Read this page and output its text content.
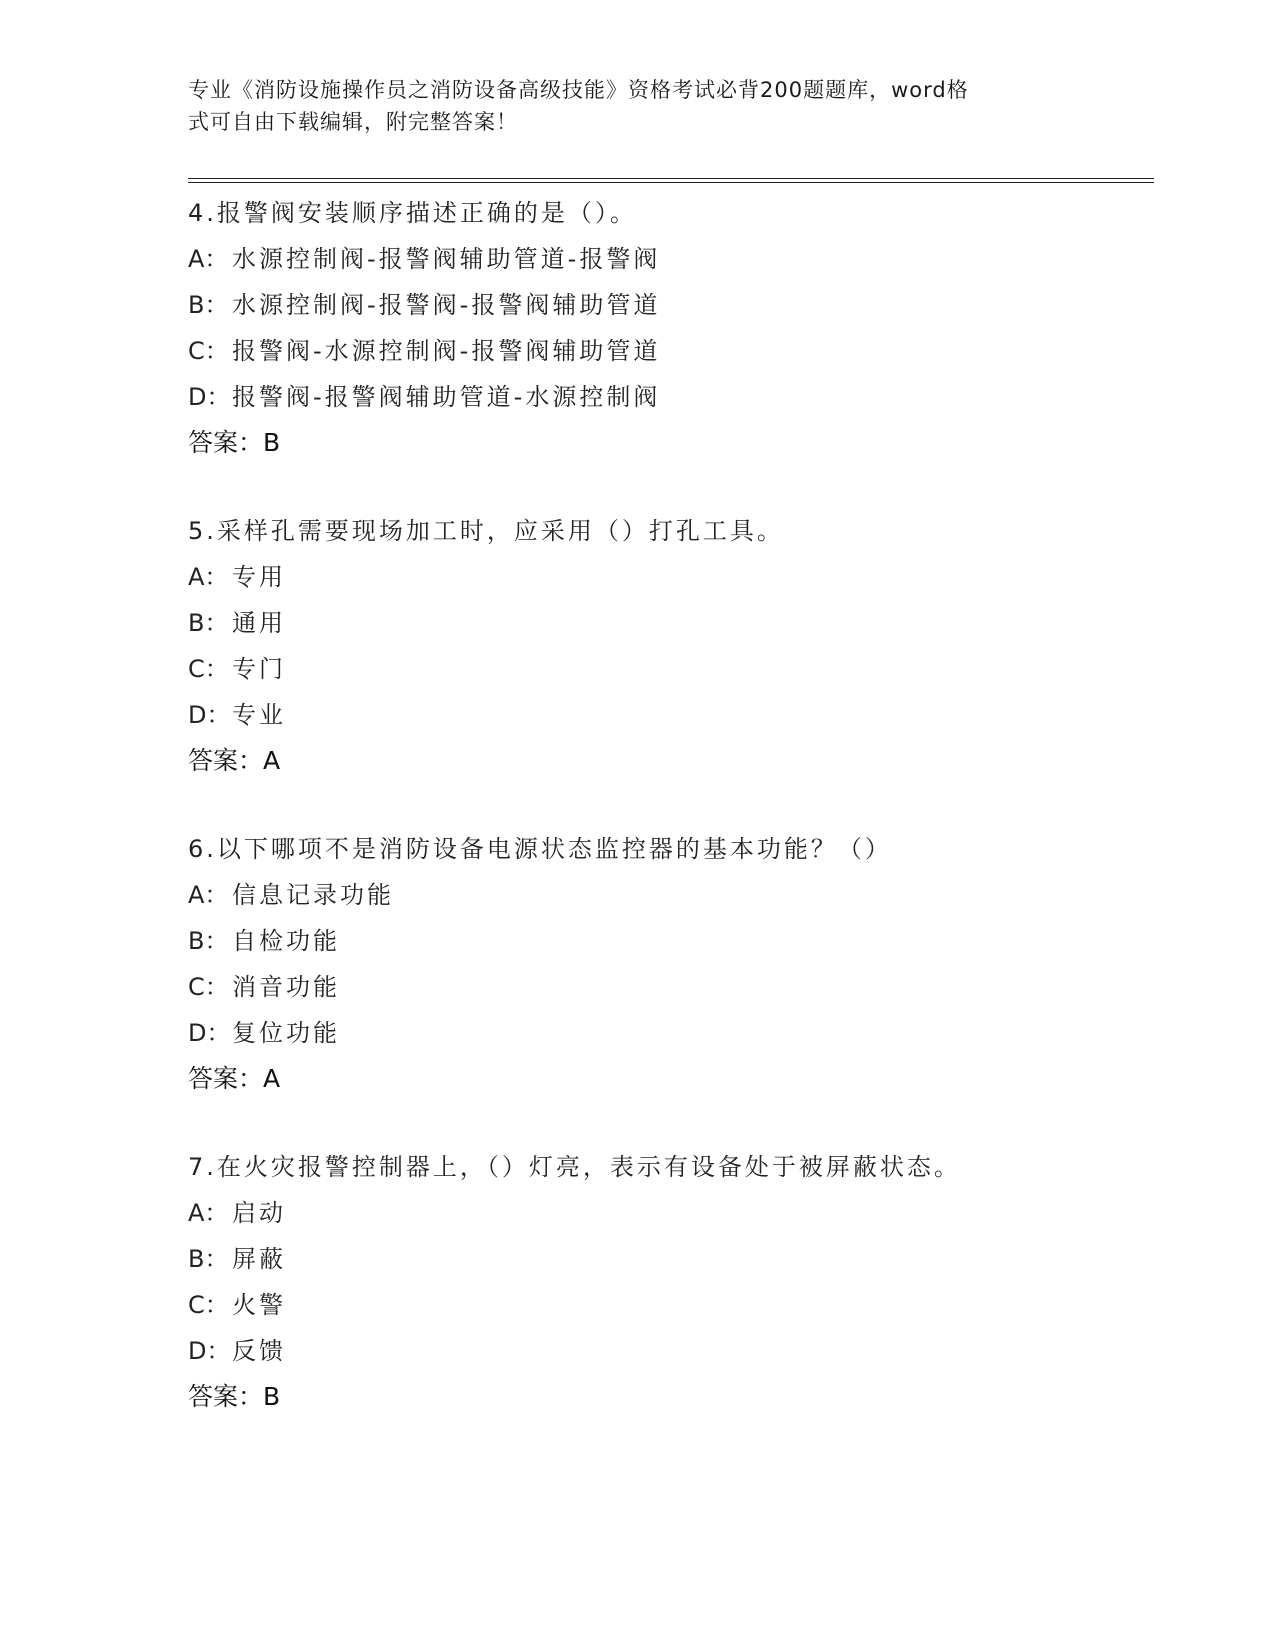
专业《消防设施操作员之消防设备高级技能》资格考试必背200题题库，word格
式可自由下载编辑，附完整答案！
4.报警阀安装顺序描述正确的是（）。
A： 水源控制阀-报警阀辅助管道-报警阀
B： 水源控制阀-报警阀-报警阀辅助管道
C： 报警阀-水源控制阀-报警阀辅助管道
D：报警阀-报警阀辅助管道-水源控制阀
答案：B
5.采样孔需要现场加工时，应采用（）打孔工具。
A： 专用
B： 通用
C： 专门
D：专业
答案：A
6.以下哪项不是消防设备电源状态监控器的基本功能？（）
A： 信息记录功能
B： 自检功能
C： 消音功能
D：复位功能
答案：A
7.在火灾报警控制器上，（）灯亮，表示有设备处于被屏蔽状态。
A： 启动
B： 屏蔽
C： 火警
D：反馈
答案：B
